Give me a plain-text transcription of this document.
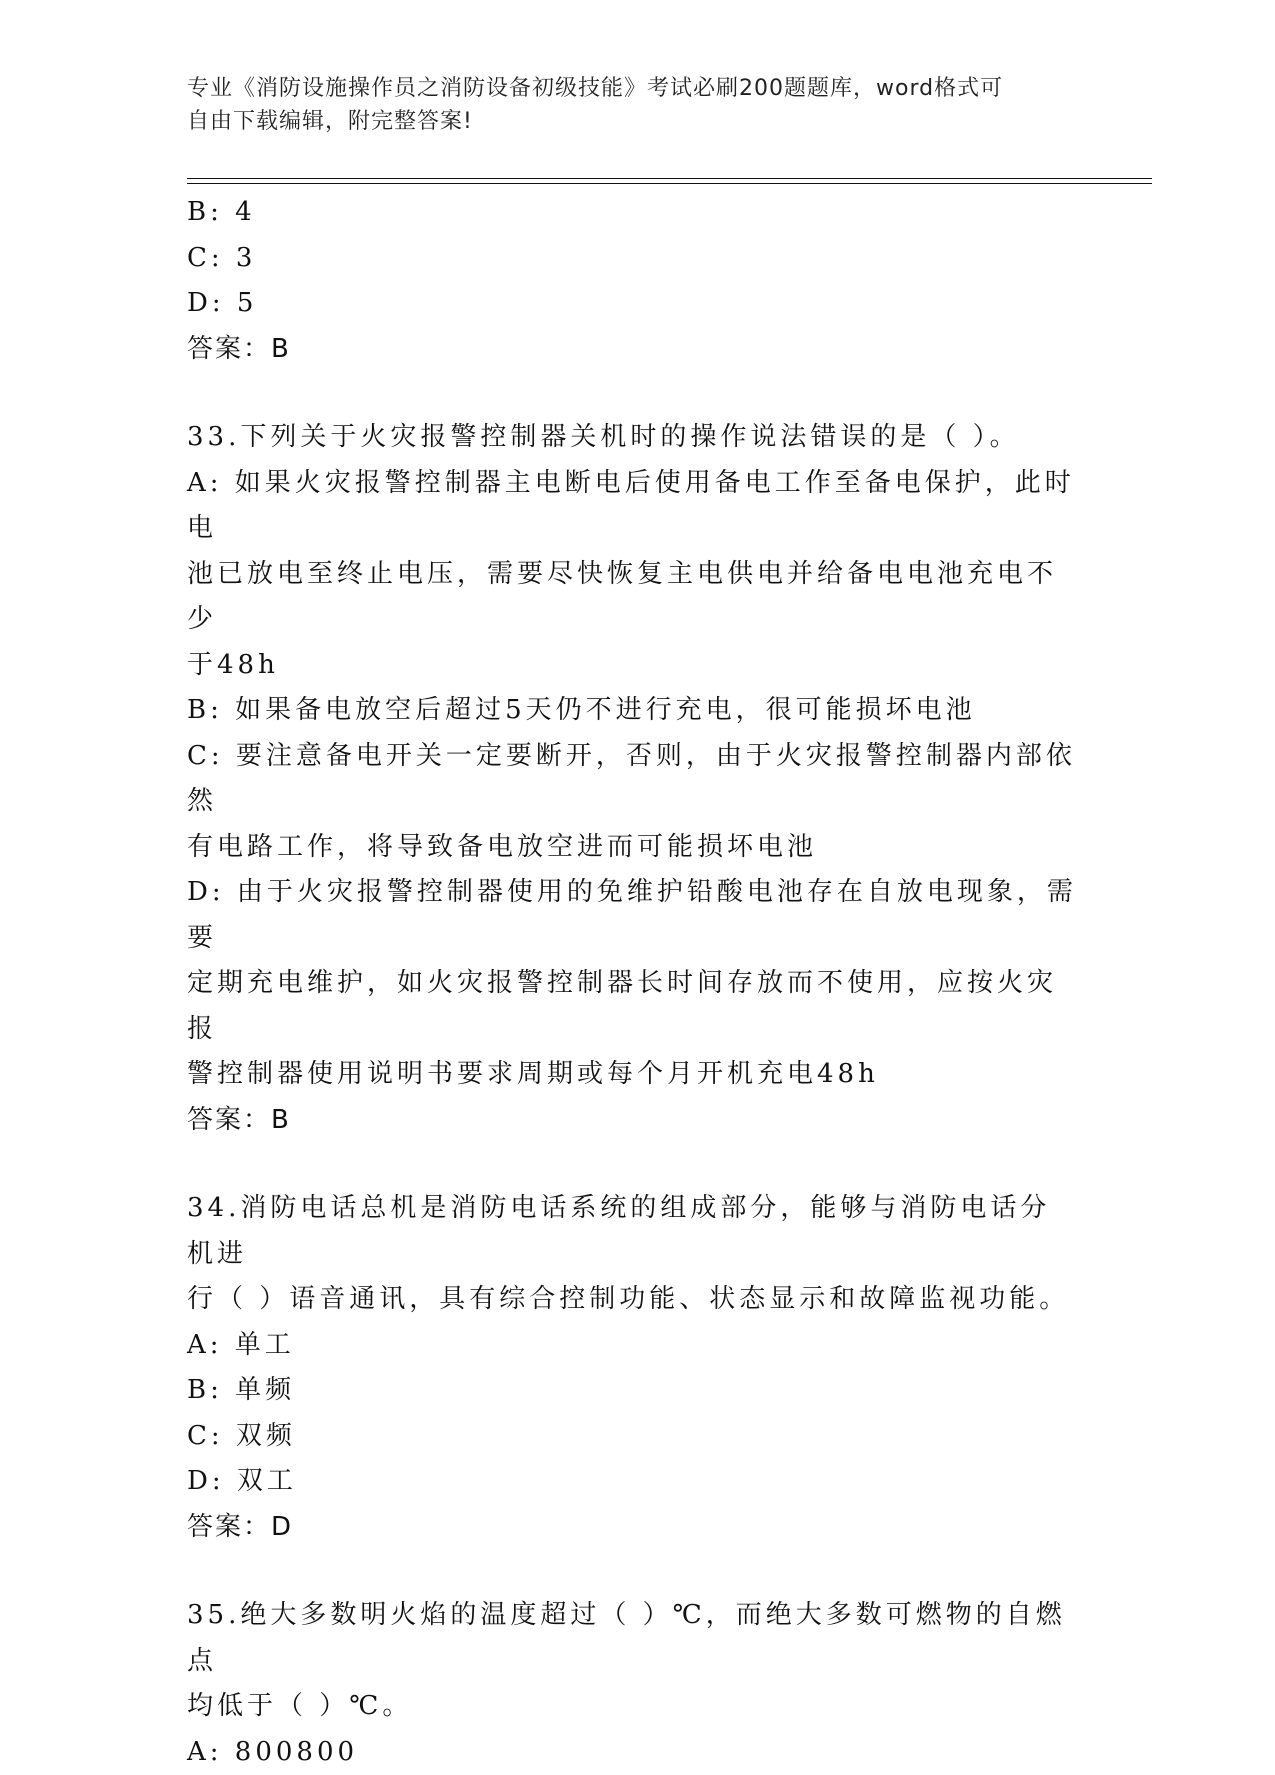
专业《消防设施操作员之消防设备初级技能》考试必刷200题题库，word格式可
自由下载编辑，附完整答案!
B: 4
C: 3
D: 5
答案：B
33.下列关于火灾报警控制器关机时的操作说法错误的是（ ）。
A: 如果火灾报警控制器主电断电后使用备电工作至备电保护，此时电
池已放电至终止电压，需要尽快恢复主电供电并给备电电池充电不少
于48h
B: 如果备电放空后超过5天仍不进行充电，很可能损坏电池
C: 要注意备电开关一定要断开，否则，由于火灾报警控制器内部依然
有电路工作，将导致备电放空进而可能损坏电池
D: 由于火灾报警控制器使用的免维护铅酸电池存在自放电现象，需要
定期充电维护，如火灾报警控制器长时间存放而不使用，应按火灾报
警控制器使用说明书要求周期或每个月开机充电48h
答案：B
34.消防电话总机是消防电话系统的组成部分，能够与消防电话分机进
行（ ）语音通讯，具有综合控制功能、状态显示和故障监视功能。
A: 单工
B: 单频
C: 双频
D: 双工
答案：D
35.绝大多数明火焰的温度超过（ ）℃，而绝大多数可燃物的自燃点
均低于（ ）℃。
A: 800800
